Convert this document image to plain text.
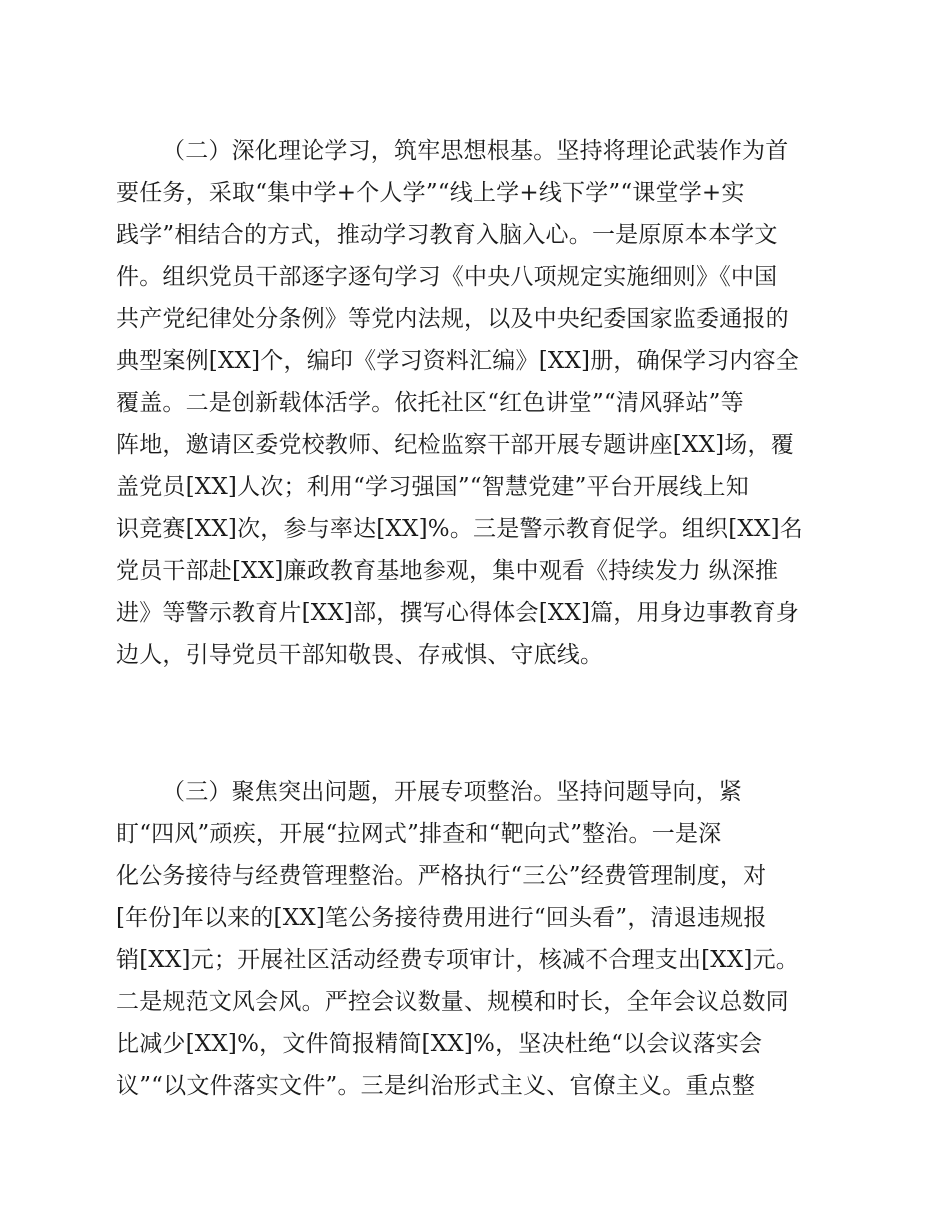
（二）深化理论学习，筑牢思想根基。坚持将理论武装作为首
要任务，采取“集中学+个人学”“线上学+线下学”“课堂学+实
践学”相结合的方式，推动学习教育入脑入心。一是原原本本学文
件。组织党员干部逐字逐句学习《中央八项规定实施细则》《中国
共产党纪律处分条例》等党内法规，以及中央纪委国家监委通报的
典型案例[XX]个，编印《学习资料汇编》[XX]册，确保学习内容全
覆盖。二是创新载体活学。依托社区“红色讲堂”“清风驿站”等
阵地，邀请区委党校教师、纪检监察干部开展专题讲座[XX]场，覆
盖党员[XX]人次；利用“学习强国”“智慧党建”平台开展线上知
识竞赛[XX]次，参与率达[XX]%。三是警示教育促学。组织[XX]名
党员干部赴[XX]廉政教育基地参观，集中观看《持续发力 纵深推
进》等警示教育片[XX]部，撰写心得体会[XX]篇，用身边事教育身
边人，引导党员干部知敬畏、存戒惧、守底线。
（三）聚焦突出问题，开展专项整治。坚持问题导向，紧
盯“四风”顽疾，开展“拉网式”排查和“靶向式”整治。一是深
化公务接待与经费管理整治。严格执行“三公”经费管理制度，对
[年份]年以来的[XX]笔公务接待费用进行“回头看”，清退违规报
销[XX]元；开展社区活动经费专项审计，核减不合理支出[XX]元。
二是规范文风会风。严控会议数量、规模和时长，全年会议总数同
比减少[XX]%，文件简报精简[XX]%，坚决杜绝“以会议落实会
议”“以文件落实文件”。三是纠治形式主义、官僚主义。重点整
